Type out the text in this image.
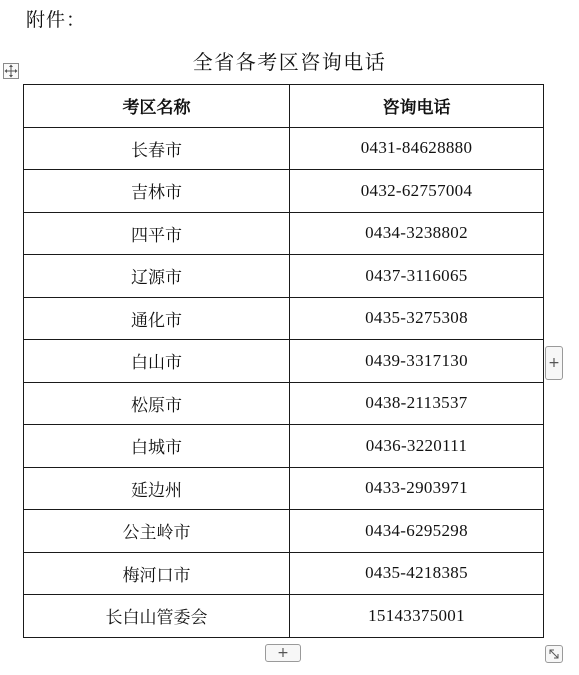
附件：
全省各考区咨询电话
考区名称	咨询电话
长春市	0431-84628880
吉林市	0432-62757004
四平市	0434-3238802
辽源市	0437-3116065
通化市	0435-3275308
白山市	0439-3317130
松原市	0438-2113537
白城市	0436-3220111
延边州	0433-2903971
公主岭市	0434-6295298
梅河口市	0435-4218385
长白山管委会	15143375001
+
+
